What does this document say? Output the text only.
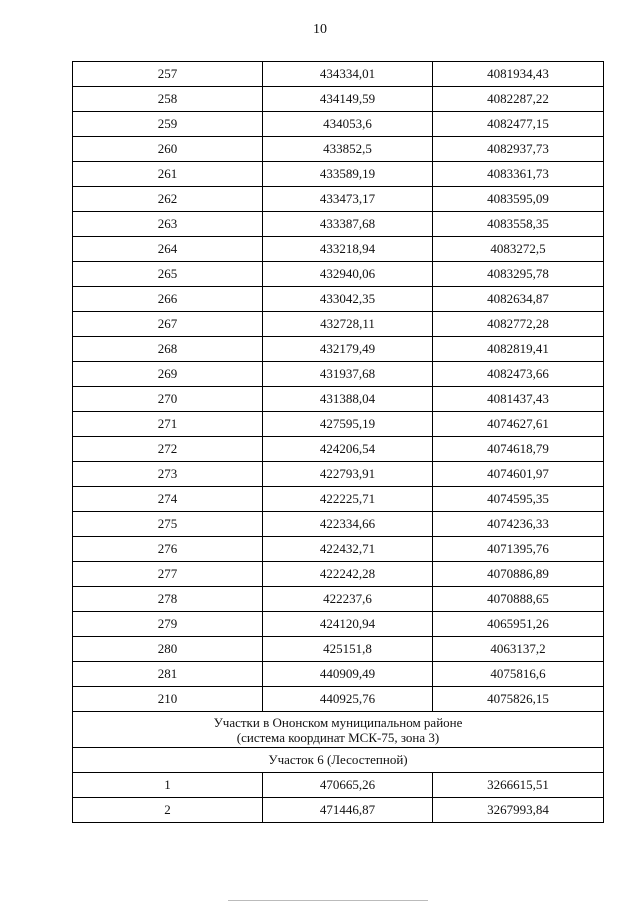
10
257	434334,01	4081934,43
258	434149,59	4082287,22
259	434053,6	4082477,15
260	433852,5	4082937,73
261	433589,19	4083361,73
262	433473,17	4083595,09
263	433387,68	4083558,35
264	433218,94	4083272,5
265	432940,06	4083295,78
266	433042,35	4082634,87
267	432728,11	4082772,28
268	432179,49	4082819,41
269	431937,68	4082473,66
270	431388,04	4081437,43
271	427595,19	4074627,61
272	424206,54	4074618,79
273	422793,91	4074601,97
274	422225,71	4074595,35
275	422334,66	4074236,33
276	422432,71	4071395,76
277	422242,28	4070886,89
278	422237,6	4070888,65
279	424120,94	4065951,26
280	425151,8	4063137,2
281	440909,49	4075816,6
210	440925,76	4075826,15
Участки в Ононском муниципальном районе
(система координат МСК-75, зона 3)		
Участок 6 (Лесостепной)		
1	470665,26	3266615,51
2	471446,87	3267993,84
